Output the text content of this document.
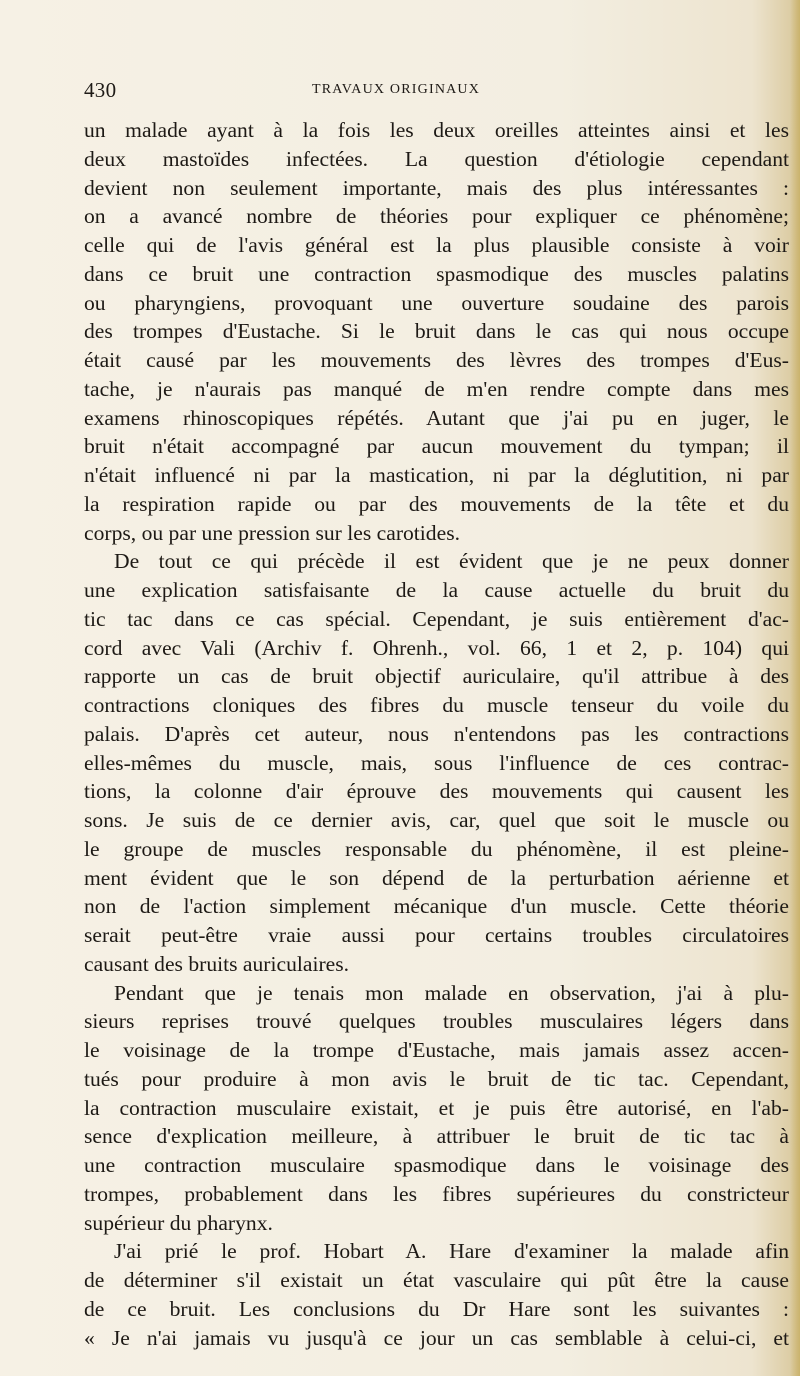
430	TRAVAUX ORIGINAUX
un malade ayant à la fois les deux oreilles atteintes ainsi et les
deux mastoïdes infectées. La question d'étiologie cependant
devient non seulement importante, mais des plus intéressantes :
on a avancé nombre de théories pour expliquer ce phénomène;
celle qui de l'avis général est la plus plausible consiste à voir
dans ce bruit une contraction spasmodique des muscles palatins
ou pharyngiens, provoquant une ouverture soudaine des parois
des trompes d'Eustache. Si le bruit dans le cas qui nous occupe
était causé par les mouvements des lèvres des trompes d'Eus-
tache, je n'aurais pas manqué de m'en rendre compte dans mes
examens rhinoscopiques répétés. Autant que j'ai pu en juger, le
bruit n'était accompagné par aucun mouvement du tympan; il
n'était influencé ni par la mastication, ni par la déglutition, ni par
la respiration rapide ou par des mouvements de la tête et du
corps, ou par une pression sur les carotides.
De tout ce qui précède il est évident que je ne peux donner
une explication satisfaisante de la cause actuelle du bruit du
tic tac dans ce cas spécial. Cependant, je suis entièrement d'ac-
cord avec Vali (Archiv f. Ohrenh., vol. 66, 1 et 2, p. 104) qui
rapporte un cas de bruit objectif auriculaire, qu'il attribue à des
contractions cloniques des fibres du muscle tenseur du voile du
palais. D'après cet auteur, nous n'entendons pas les contractions
elles-mêmes du muscle, mais, sous l'influence de ces contrac-
tions, la colonne d'air éprouve des mouvements qui causent les
sons. Je suis de ce dernier avis, car, quel que soit le muscle ou
le groupe de muscles responsable du phénomène, il est pleine-
ment évident que le son dépend de la perturbation aérienne et
non de l'action simplement mécanique d'un muscle. Cette théorie
serait peut-être vraie aussi pour certains troubles circulatoires
causant des bruits auriculaires.
Pendant que je tenais mon malade en observation, j'ai à plu-
sieurs reprises trouvé quelques troubles musculaires légers dans
le voisinage de la trompe d'Eustache, mais jamais assez accen-
tués pour produire à mon avis le bruit de tic tac. Cependant,
la contraction musculaire existait, et je puis être autorisé, en l'ab-
sence d'explication meilleure, à attribuer le bruit de tic tac à
une contraction musculaire spasmodique dans le voisinage des
trompes, probablement dans les fibres supérieures du constricteur
supérieur du pharynx.
J'ai prié le prof. Hobart A. Hare d'examiner la malade afin
de déterminer s'il existait un état vasculaire qui pût être la cause
de ce bruit. Les conclusions du Dr Hare sont les suivantes :
« Je n'ai jamais vu jusqu'à ce jour un cas semblable à celui-ci, et
